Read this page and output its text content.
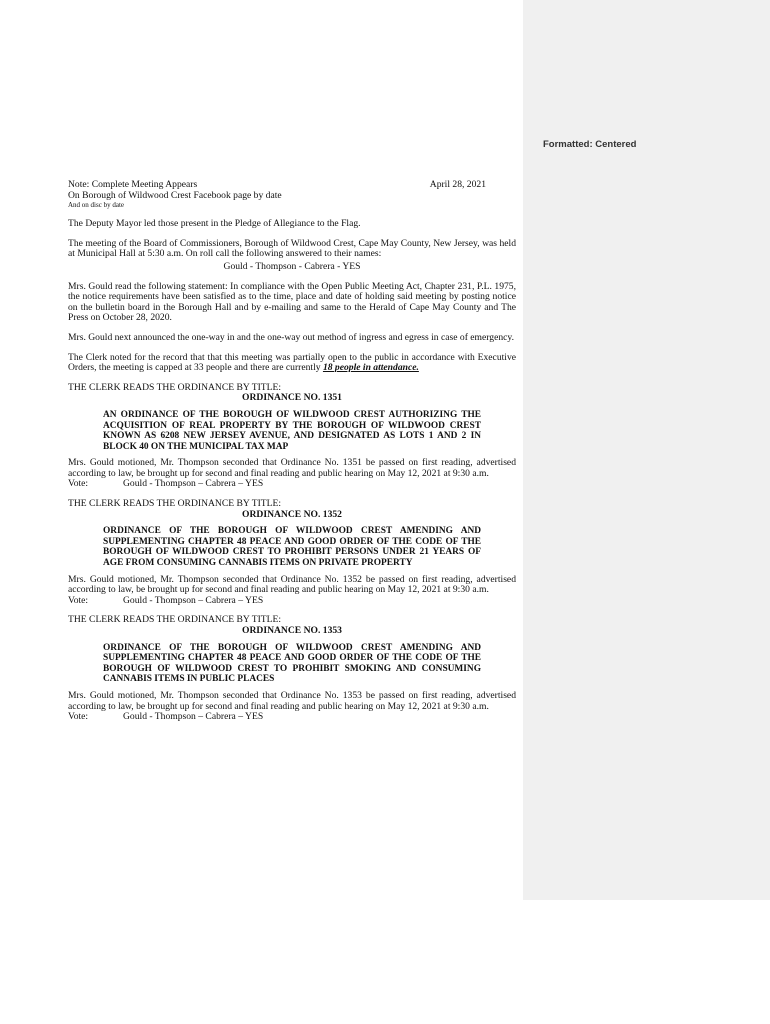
Formatted: Centered
Note: Complete Meeting Appears	April 28, 2021
On Borough of Wildwood Crest Facebook page by date
And on disc by date

The Deputy Mayor led those present in the Pledge of Allegiance to the Flag.

The meeting of the Board of Commissioners, Borough of Wildwood Crest, Cape May County, New Jersey, was held at Municipal Hall at 5:30 a.m. On roll call the following answered to their names:

Gould - Thompson - Cabrera - YES

Mrs. Gould read the following statement: In compliance with the Open Public Meeting Act, Chapter 231, P.L. 1975, the notice requirements have been satisfied as to the time, place and date of holding said meeting by posting notice on the bulletin board in the Borough Hall and by e-mailing and same to the Herald of Cape May County and The Press on October 28, 2020.

Mrs. Gould next announced the one-way in and the one-way out method of ingress and egress in case of emergency.

The Clerk noted for the record that that this meeting was partially open to the public in accordance with Executive Orders, the meeting is capped at 33 people and there are currently 18 people in attendance.

THE CLERK READS THE ORDINANCE BY TITLE:
ORDINANCE NO. 1351
AN ORDINANCE OF THE BOROUGH OF WILDWOOD CREST AUTHORIZING THE ACQUISITION OF REAL PROPERTY BY THE BOROUGH OF WILDWOOD CREST KNOWN AS 6208 NEW JERSEY AVENUE, AND DESIGNATED AS LOTS 1 AND 2 IN BLOCK 40 ON THE MUNICIPAL TAX MAP

Mrs. Gould motioned, Mr. Thompson seconded that Ordinance No. 1351 be passed on first reading, advertised according to law, be brought up for second and final reading and public hearing on May 12, 2021 at 9:30 a.m.

Vote:	Gould - Thompson – Cabrera – YES
THE CLERK READS THE ORDINANCE BY TITLE:
ORDINANCE NO. 1352
ORDINANCE OF THE BOROUGH OF WILDWOOD CREST AMENDING AND SUPPLEMENTING CHAPTER 48 PEACE AND GOOD ORDER OF THE CODE OF THE BOROUGH OF WILDWOOD CREST TO PROHIBIT PERSONS UNDER 21 YEARS OF AGE FROM CONSUMING CANNABIS ITEMS ON PRIVATE PROPERTY

Mrs. Gould motioned, Mr. Thompson seconded that Ordinance No. 1352 be passed on first reading, advertised according to law, be brought up for second and final reading and public hearing on May 12, 2021 at 9:30 a.m.

Vote:	Gould - Thompson – Cabrera – YES
THE CLERK READS THE ORDINANCE BY TITLE:
ORDINANCE NO. 1353
ORDINANCE OF THE BOROUGH OF WILDWOOD CREST AMENDING AND SUPPLEMENTING CHAPTER 48 PEACE AND GOOD ORDER OF THE CODE OF THE BOROUGH OF WILDWOOD CREST TO PROHIBIT SMOKING AND CONSUMING CANNABIS ITEMS IN PUBLIC PLACES

Mrs. Gould motioned, Mr. Thompson seconded that Ordinance No. 1353 be passed on first reading, advertised according to law, be brought up for second and final reading and public hearing on May 12, 2021 at 9:30 a.m.

Vote:	Gould - Thompson – Cabrera – YES
